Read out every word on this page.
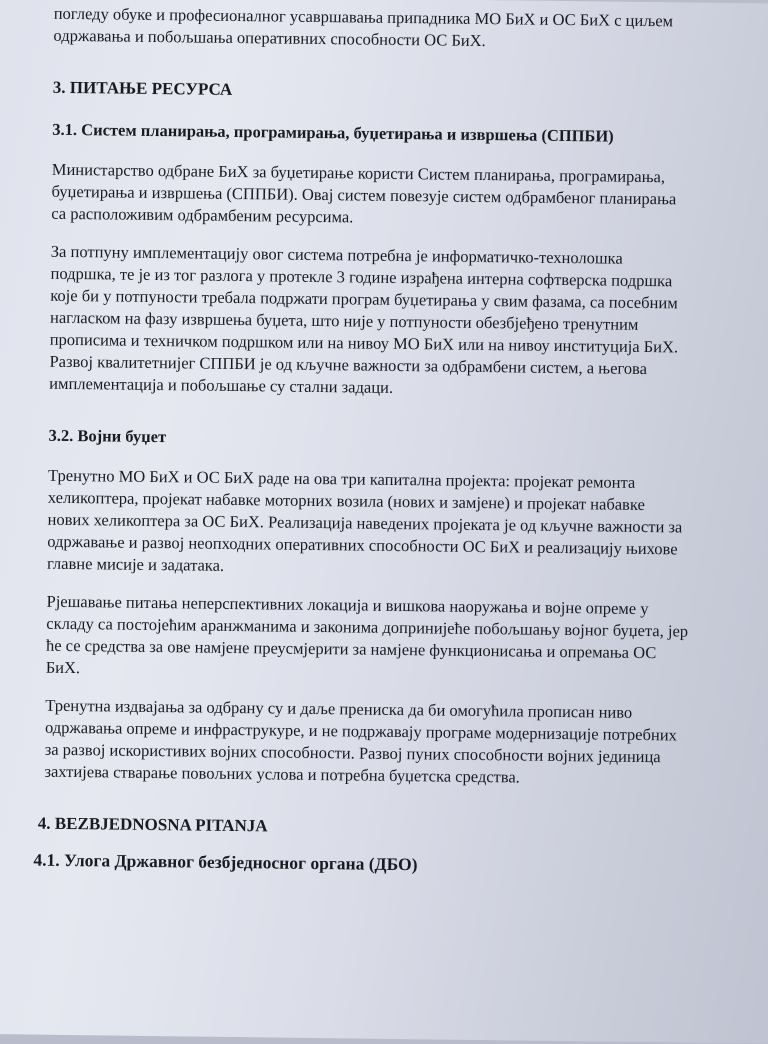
погледу обуке и професионалног усавршавања припадника МО БиХ и ОС БиХ с циљем

одржавања и побољшања оперативних способности ОС БиХ.

3. ПИТАЊЕ РЕСУРСА
3.1. Систем планирања, програмирања, буџетирања и извршења (СППБИ)

Министарство одбране БиХ за буџетирање користи Систем планирања, програмирања,

буџетирања и извршења (СППБИ). Овај систем повезује систем одбрамбеног планирања

са расположивим одбрамбеним ресурсима.

За потпуну имплементацију овог система потребна је информатичко-технолошка

подршка, те је из тог разлога у протекле 3 године израђена интерна софтверска подршка

које би у потпуности требала подржати програм буџетирања у свим фазама, са посебним

нагласком на фазу извршења буџета, што није у потпуности обезбјеђено тренутним

прописима и техничком подршком или на нивоу МО БиХ или на нивоу институција БиХ.

Развој квалитетнијег СППБИ је од кључне важности за одбрамбени систем, а његова

имплементација и побољшање су стални задаци.

3.2. Војни буџет

Тренутно МО БиХ и ОС БиХ раде на ова три капитална пројекта: пројекат ремонта

хеликоптера, пројекат набавке моторних возила (нових и замјене) и пројекат набавке

нових хеликоптера за ОС БиХ. Реализација наведених пројеката је од кључне важности за

одржавање и развој неопходних оперативних способности ОС БиХ и реализацију њихове

главне мисије и задатака.

Рјешавање питања неперспективних локација и вишкова наоружања и војне опреме у

складу са постојећим аранжманима и законима допринијеће побољшању војног буџета, јер

ће се средства за ове намјене преусмјерити за намјене функционисања и опремања ОС

БиХ.

Тренутна издвајања за одбрану су и даље пренискa да би омогућила прописан ниво

одржавања опреме и инфраструкуре, и не подржавају програме модернизације потребних

за развој искористивих војних способности. Развој пуних способности војних јединица

захтијева стварање повољних услова и потребна буџетска средства.

4. BEZBJEDNOSNA PITANJA
4.1. Улога Државног безбједносног органа (ДБО)
